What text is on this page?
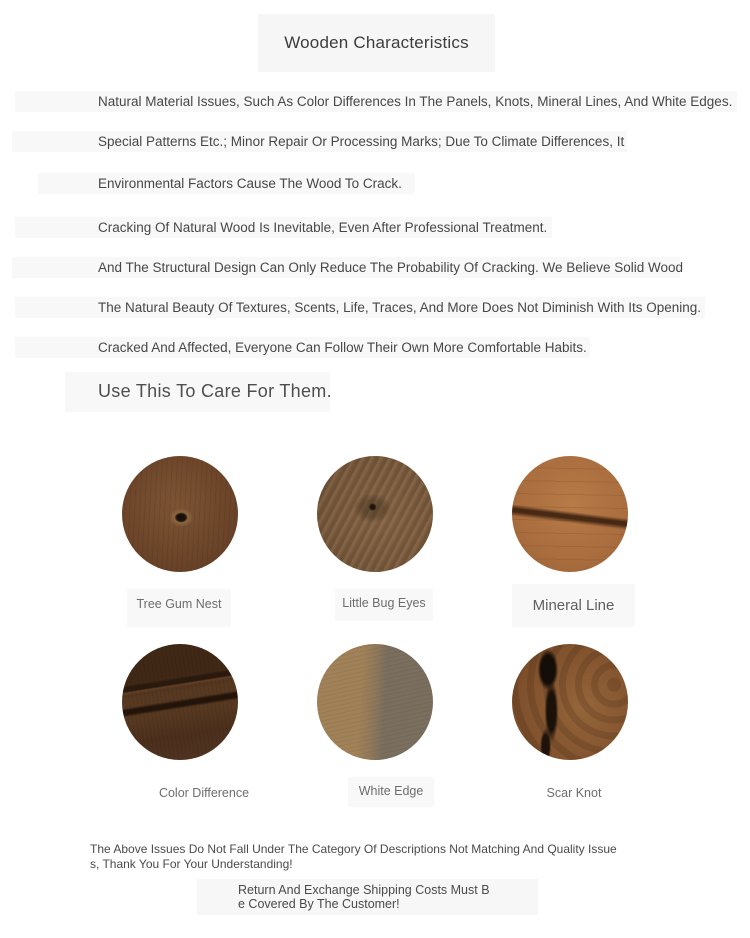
Wooden Characteristics
Natural Material Issues, Such As Color Differences In The Panels, Knots, Mineral Lines, And White Edges.
Special Patterns Etc.; Minor Repair Or Processing Marks; Due To Climate Differences, It
Environmental Factors Cause The Wood To Crack.
Cracking Of Natural Wood Is Inevitable, Even After Professional Treatment.
And The Structural Design Can Only Reduce The Probability Of Cracking. We Believe Solid Wood
The Natural Beauty Of Textures, Scents, Life, Traces, And More Does Not Diminish With Its Opening.
Cracked And Affected, Everyone Can Follow Their Own More Comfortable Habits.
Use This To Care For Them.
Tree Gum Nest	Little Bug Eyes	Mineral Line
Color Difference	White Edge	Scar Knot
The Above Issues Do Not Fall Under The Category Of Descriptions Not Matching And Quality Issue
s, Thank You For Your Understanding!
Return And Exchange Shipping Costs Must B
e Covered By The Customer!
